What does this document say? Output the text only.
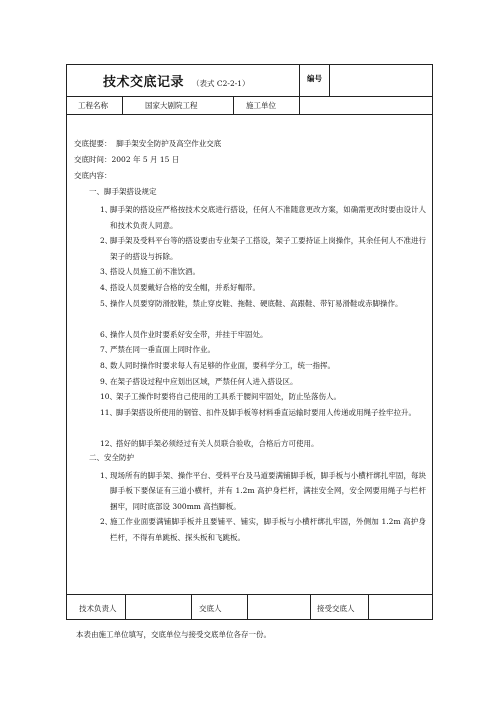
技术交底记录 （表式 C2-2-1）
编号
工程名称	国家大剧院工程	施工单位
交底提要： 脚手架安全防护及高空作业交底
交底时间：2002 年 5 月 15 日
交底内容：
一、脚手架搭设规定
1、
脚手架的搭设应严格按技术交底进行搭设，任何人不准随意更改方案，如确需更改时要由设计人和技术负责人同意。
2、
脚手架及受料平台等的搭设要由专业架子工搭设，架子工要持证上岗操作，其余任何人不准进行架子的搭设与拆除。
3、
搭设人员施工前不准饮酒。
4、
搭设人员要戴好合格的安全帽，并系好帽带。
5、
操作人员要穿防滑胶鞋，禁止穿皮鞋、拖鞋、硬底鞋、高跟鞋、带钉易滑鞋或赤脚操作。
6、
操作人员作业时要系好安全带，并挂于牢固处。
7、
严禁在同一垂直面上同时作业。
8、
数人同时操作时要求每人有足够的作业面，要科学分工，统一指挥。
9、
在架子搭设过程中应划出区域，严禁任何人进入搭设区。
10、
架子工操作时要将自己使用的工具系于腰间牢固处，防止坠落伤人。
11、
脚手架搭设所使用的钢管、扣件及脚手板等材料垂直运输时要用人传递或用绳子拴牢拉升。
12、
搭好的脚手架必须经过有关人员联合验收，合格后方可使用。
二、安全防护
1、
现场所有的脚手架、操作平台、受料平台及马道要满铺脚手板，脚手板与小横杆绑扎牢固，每块脚手板下要保证有三道小横杆，并有 1.2m 高护身栏杆，满挂安全网，安全网要用绳子与栏杆捆牢，同时底部设 300mm 高挡脚板。
2、
施工作业面要满铺脚手板并且要铺平、铺实，脚手板与小横杆绑扎牢固，外侧加 1.2m 高护身栏杆，不得有单跳板、探头板和飞跳板。
技术负责人	交底人	接受交底人
本表由施工单位填写，交底单位与接受交底单位各存一份。
